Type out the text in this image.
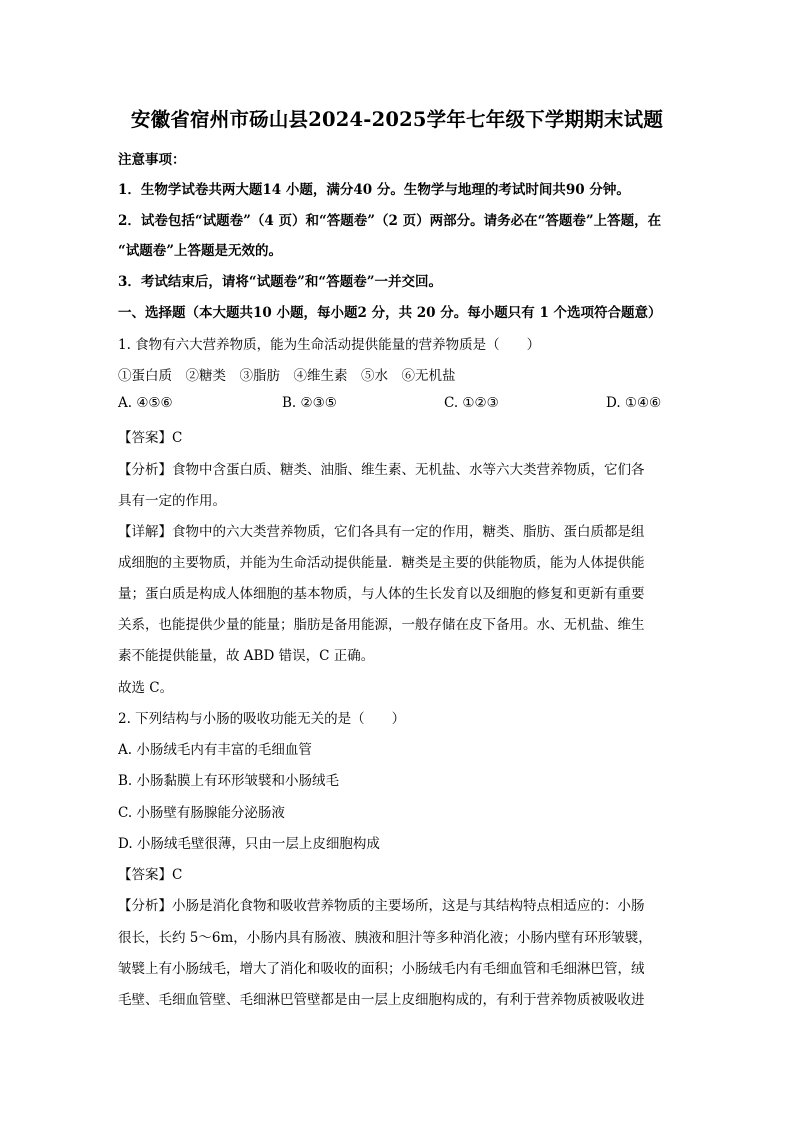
安徽省宿州市砀山县2024-2025学年七年级下学期期末试题
注意事项：
1．生物学试卷共两大题14 小题，满分40 分。生物学与地理的考试时间共90 分钟。
2．试卷包括“试题卷”（4 页）和“答题卷”（2 页）两部分。请务必在“答题卷”上答题，在
“试题卷”上答题是无效的。
3．考试结束后，请将“试题卷”和“答题卷”一并交回。
一、选择题（本大题共10 小题，每小题2 分，共 20 分。每小题只有 1 个选项符合题意）
1. 食物有六大营养物质，能为生命活动提供能量的营养物质是（　　）
①蛋白质　②糖类　③脂肪　④维生素　⑤水　⑥无机盐
A. ④⑤⑥	B. ②③⑤	C. ①②③	D. ①④⑥
【答案】C
【分析】食物中含蛋白质、糖类、油脂、维生素、无机盐、水等六大类营养物质，它们各
具有一定的作用。
【详解】食物中的六大类营养物质，它们各具有一定的作用，糖类、脂肪、蛋白质都是组
成细胞的主要物质，并能为生命活动提供能量．糖类是主要的供能物质，能为人体提供能
量；蛋白质是构成人体细胞的基本物质，与人体的生长发育以及细胞的修复和更新有重要
关系，也能提供少量的能量；脂肪是备用能源，一般存储在皮下备用。水、无机盐、维生
素不能提供能量，故 ABD 错误，C 正确。
故选 C。
2. 下列结构与小肠的吸收功能无关的是（　　）
A. 小肠绒毛内有丰富的毛细血管
B. 小肠黏膜上有环形皱襞和小肠绒毛
C. 小肠壁有肠腺能分泌肠液
D. 小肠绒毛壁很薄，只由一层上皮细胞构成
【答案】C
【分析】小肠是消化食物和吸收营养物质的主要场所，这是与其结构特点相适应的：小肠
很长，长约 5～6m，小肠内具有肠液、胰液和胆汁等多种消化液；小肠内壁有环形皱襞，
皱襞上有小肠绒毛，增大了消化和吸收的面积；小肠绒毛内有毛细血管和毛细淋巴管，绒
毛壁、毛细血管壁、毛细淋巴管壁都是由一层上皮细胞构成的，有利于营养物质被吸收进
